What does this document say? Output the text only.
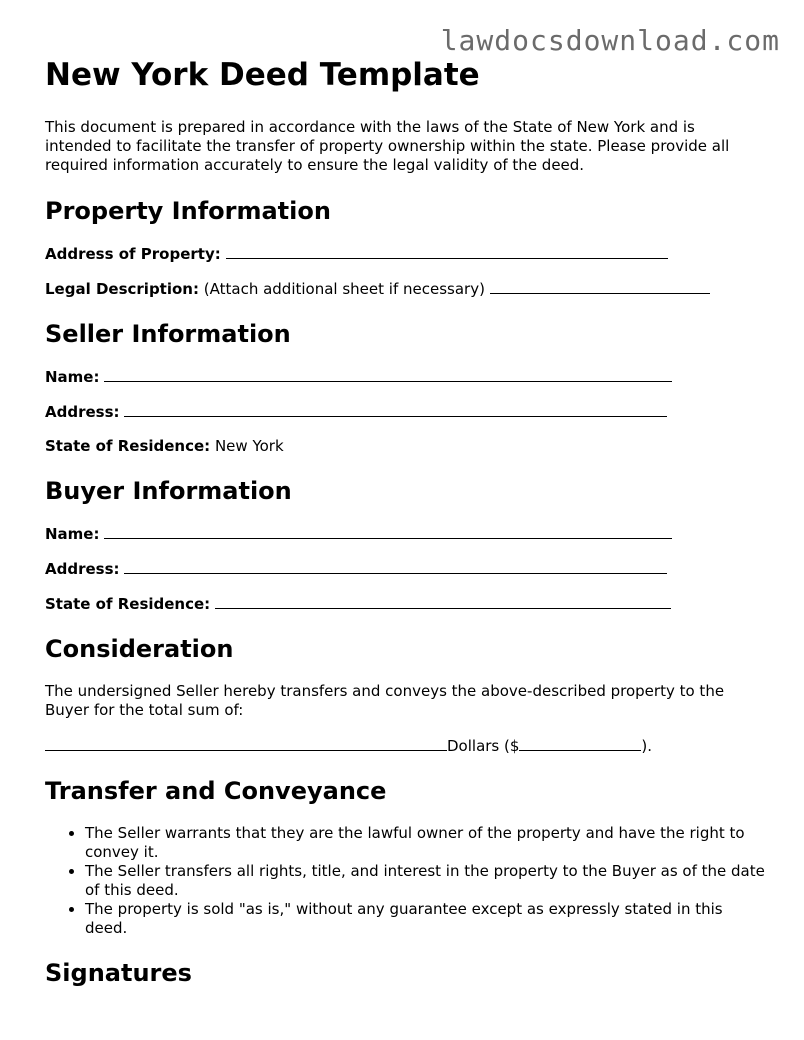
lawdocsdownload.com
New York Deed Template

This document is prepared in accordance with the laws of the State of New York and is intended to facilitate the transfer of property ownership within the state. Please provide all required information accurately to ensure the legal validity of the deed.

Property Information
Address of Property:
Legal Description: (Attach additional sheet if necessary)
Seller Information
Name:
Address:
State of Residence: New York
Buyer Information
Name:
Address:
State of Residence:
Consideration

The undersigned Seller hereby transfers and conveys the above-described property to the Buyer for the total sum of:

Dollars ($	).
Transfer and Conveyance
• The Seller warrants that they are the lawful owner of the property and have the right to convey it.
• The Seller transfers all rights, title, and interest in the property to the Buyer as of the date of this deed.
• The property is sold "as is," without any guarantee except as expressly stated in this deed.
Signatures
